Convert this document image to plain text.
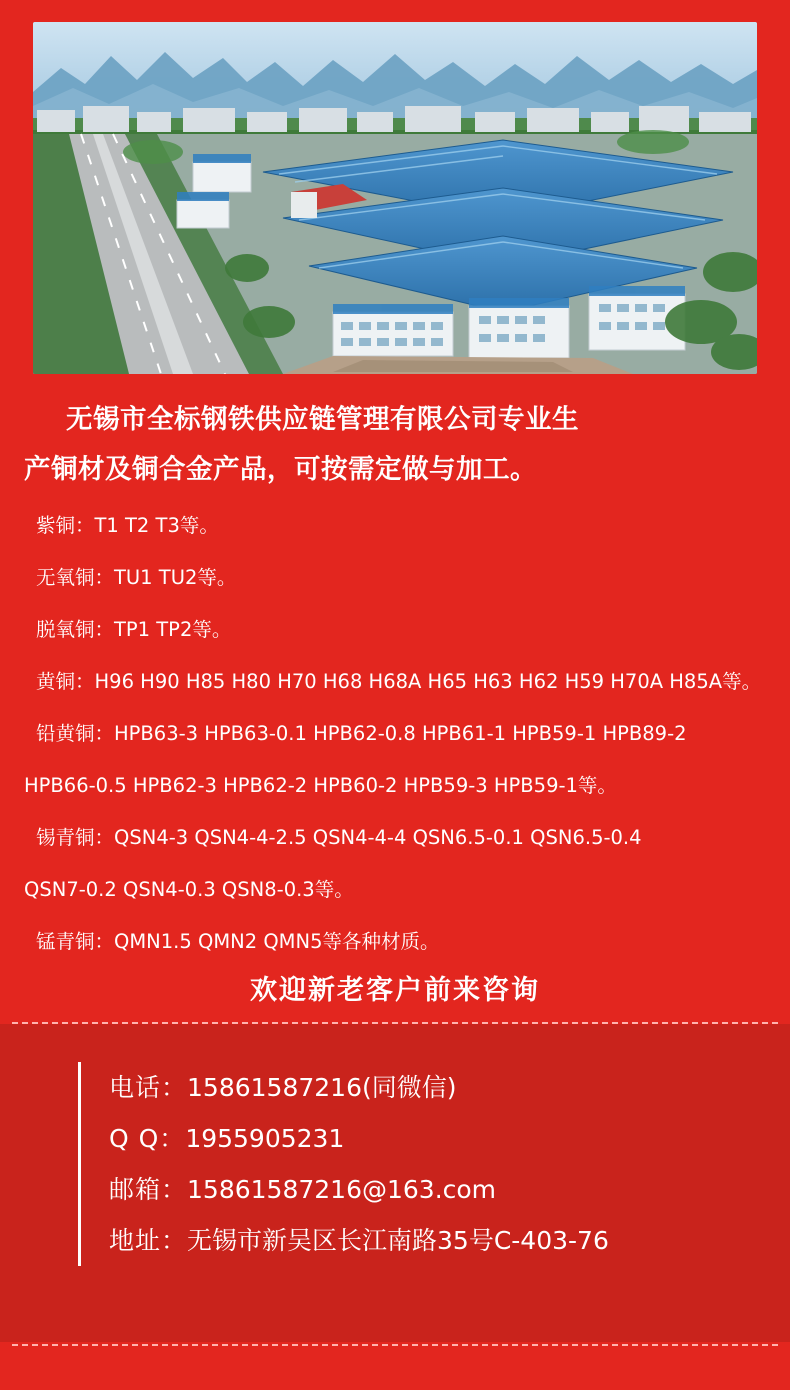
无锡市全标钢铁供应链管理有限公司专业生
产铜材及铜合金产品，可按需定做与加工。
紫铜：T1 T2 T3等。
无氧铜：TU1 TU2等。
脱氧铜：TP1 TP2等。
黄铜：H96 H90 H85 H80 H70 H68 H68A H65 H63 H62 H59 H70A H85A等。
铅黄铜：HPB63-3 HPB63-0.1 HPB62-0.8 HPB61-1 HPB59-1 HPB89-2
HPB66-0.5 HPB62-3 HPB62-2 HPB60-2 HPB59-3 HPB59-1等。
锡青铜：QSN4-3 QSN4-4-2.5 QSN4-4-4 QSN6.5-0.1 QSN6.5-0.4
QSN7-0.2 QSN4-0.3 QSN8-0.3等。
锰青铜：QMN1.5 QMN2 QMN5等各种材质。
欢迎新老客户前来咨询
电话：15861587216(同微信)
Q Q：1955905231
邮箱：15861587216@163.com
地址：无锡市新吴区长江南路35号C-403-76
